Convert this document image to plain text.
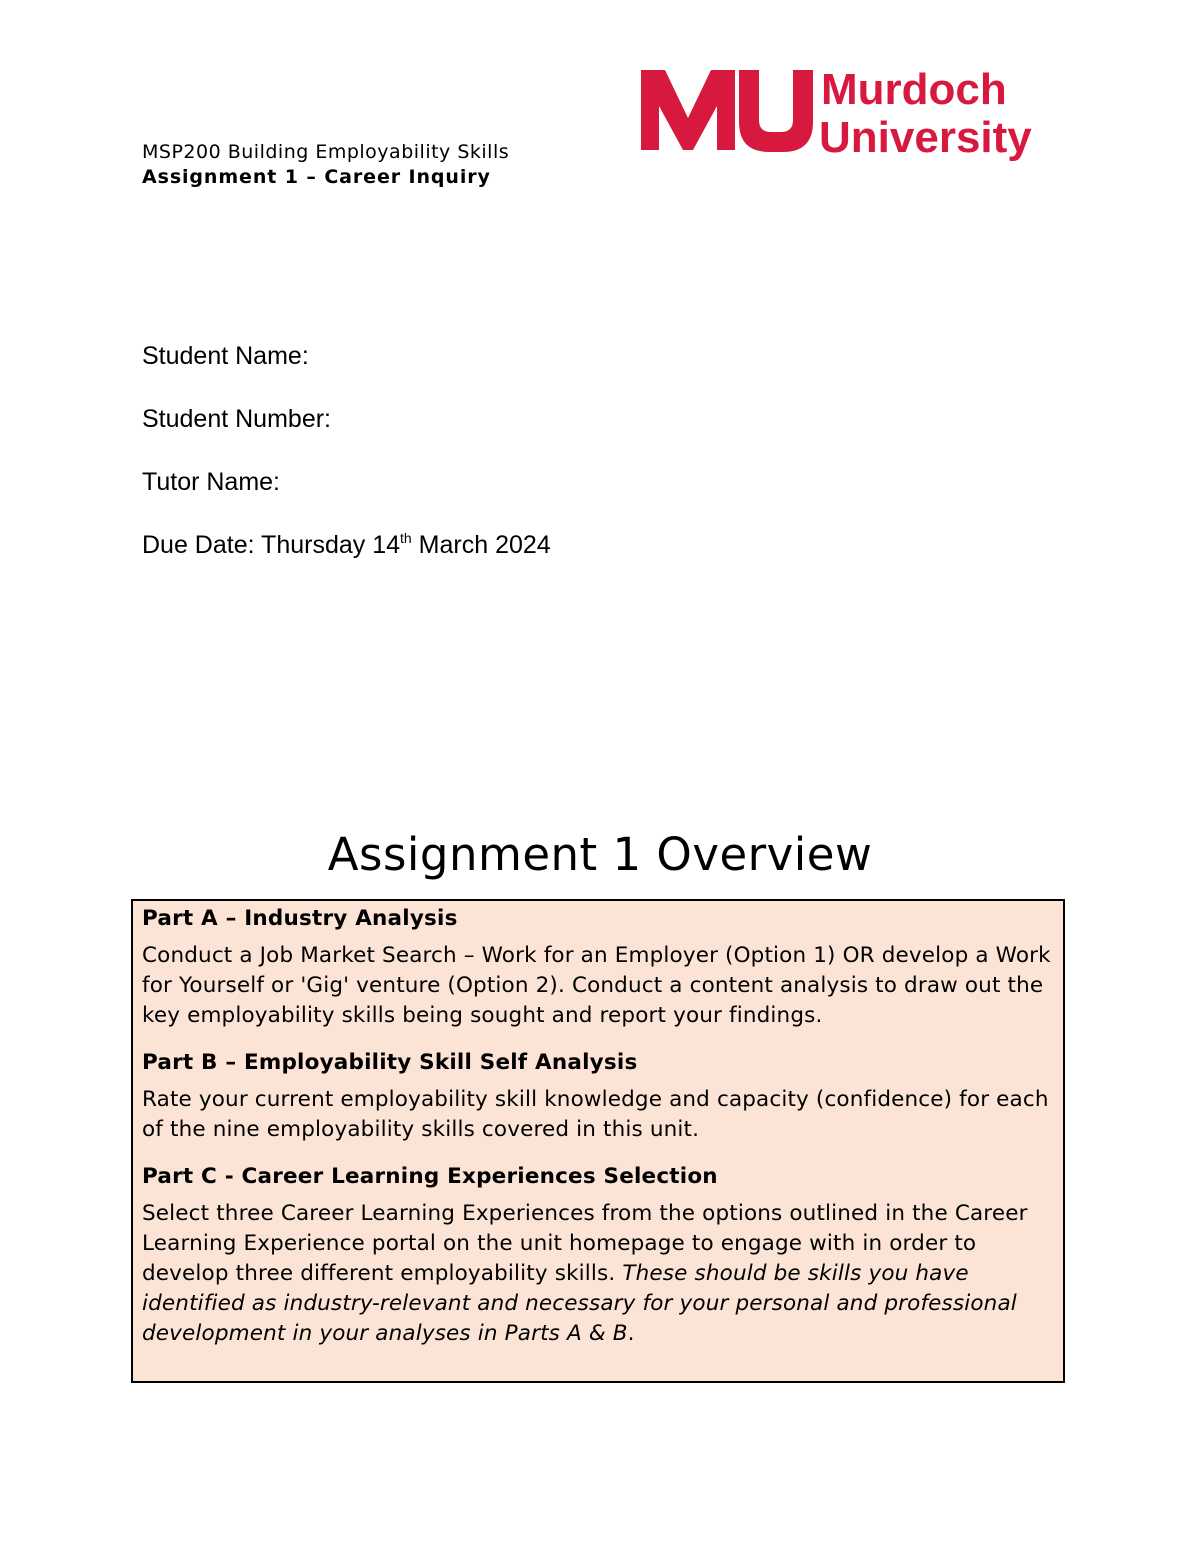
MSP200 Building Employability Skills
Assignment 1 – Career Inquiry
Murdoch
University
Student Name:
Student Number:
Tutor Name:
Due Date: Thursday 14th March 2024
Assignment 1 Overview
Part A – Industry Analysis

Conduct a Job Market Search – Work for an Employer (Option 1) OR develop a Work for Yourself or 'Gig' venture (Option 2). Conduct a content analysis to draw out the key employability skills being sought and report your findings.

Part B – Employability Skill Self Analysis

Rate your current employability skill knowledge and capacity (confidence) for each of the nine employability skills covered in this unit.

Part C - Career Learning Experiences Selection

Select three Career Learning Experiences from the options outlined in the Career Learning Experience portal on the unit homepage to engage with in order to develop three different employability skills. These should be skills you have identified as industry-relevant and necessary for your personal and professional development in your analyses in Parts A & B.
